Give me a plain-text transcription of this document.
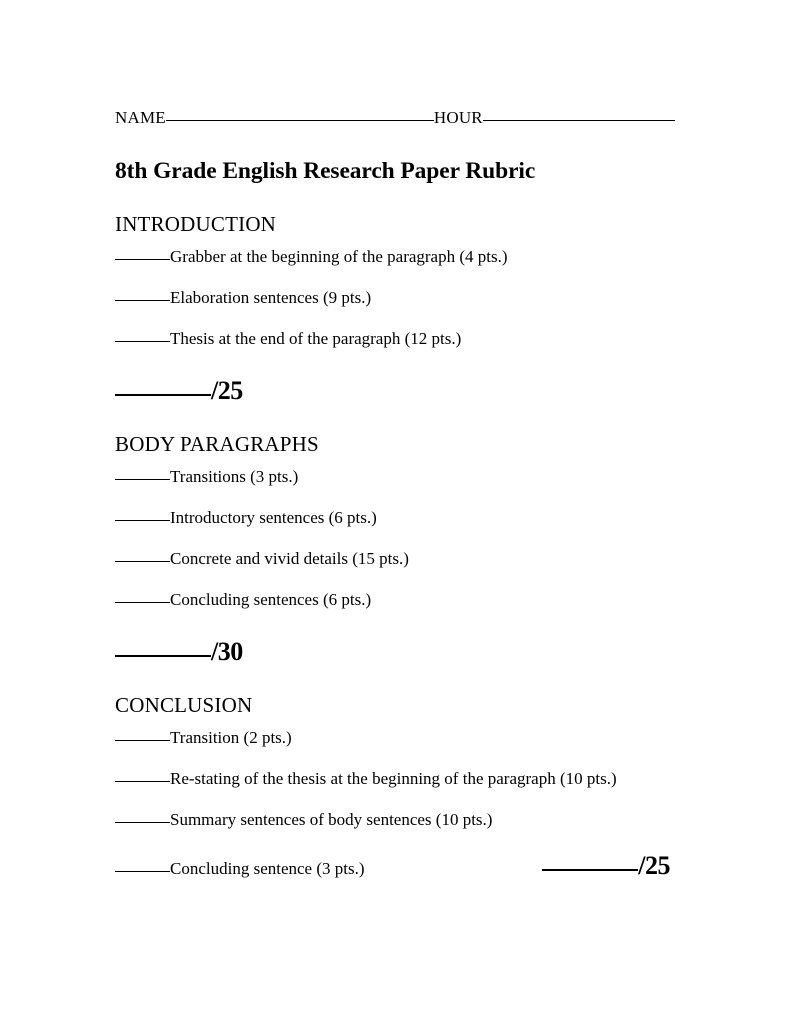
NAME	HOUR
8th Grade English Research Paper Rubric
INTRODUCTION
Grabber at the beginning of the paragraph (4 pts.)
Elaboration sentences (9 pts.)
Thesis at the end of the paragraph (12 pts.)
/25
BODY PARAGRAPHS
Transitions (3 pts.)
Introductory sentences (6 pts.)
Concrete and vivid details (15 pts.)
Concluding sentences (6 pts.)
/30
CONCLUSION
Transition (2 pts.)
Re-stating of the thesis at the beginning of the paragraph (10 pts.)
Summary sentences of body sentences (10 pts.)
Concluding sentence (3 pts.)	/25
